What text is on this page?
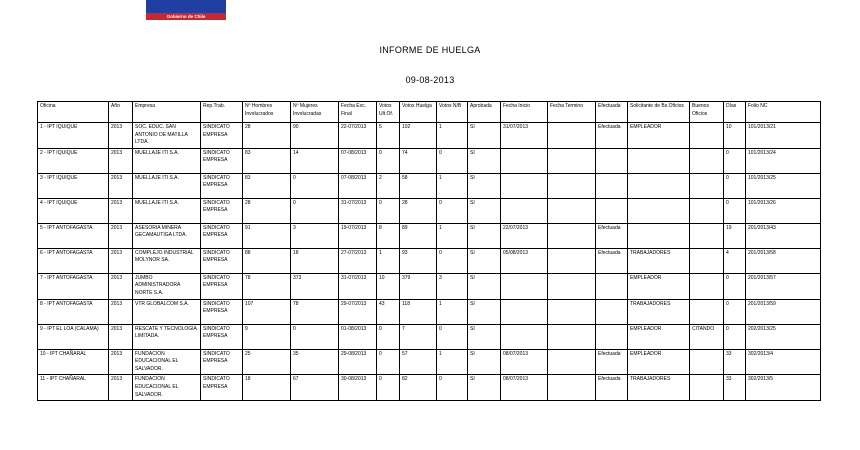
Gobierno de Chile
INFORME DE HUELGA
09-08-2013
Oficina	Año	Empresa	Rep.Trab.	Nº Hombres Involucrados	Nº Mujeres Involucradas	Fecha Exc. Final	Votos Ult.Of.	Votos Huelga	Votos N/B	Aprobada	Fecha Inicio	Fecha Termino	Efectuada	Solicitante de Bs.Oficios	Buenos Oficios	Días	Folio NC
1 - IPT IQUIQUE	2013	SOC. EDUC. SAN ANTONIO DE MATILLA LTDA.	SINDICATO EMPRESA	28	90	22-07/2013	5	102	1	SI	31/07/2013		Efectuada	EMPLEADOR		10	101/2013/21
2 - IPT IQUIQUE	2013	MUELLAJE ITI S.A.	SINDICATO EMPRESA	83	14	07-08/2013	0	74	0	SI						0	101/2013/24
3 - IPT IQUIQUE	2013	MUELLAJE ITI S.A.	SINDICATO EMPRESA	83	0	07-08/2013	2	58	1	SI						0	101/2013/25
4 - IPT IQUIQUE	2013	MUELLAJE ITI S.A.	SINDICATO EMPRESA	28	0	31-07/2013	0	28	0	SI						0	101/2013/26
5 - IPT ANTOFAGASTA	2013	ASESORIA MINERA GECAMAUTIGA LTDA.	SINDICATO EMPRESA	91	3	19-07/2013	8	89	1	SI	22/07/2013		Efectuada			19	201/2013/43
6 - IPT ANTOFAGASTA	2013	COMPLEJO INDUSTRIAL MOLYNOR SA.	SINDICATO EMPRESA	88	18	27-07/2013	1	93	0	SI	05/08/2013		Efectuada	TRABAJADORES		4	201/2013/58
7 - IPT ANTOFAGASTA	2013	JUMBO ADMINISTRADORA NORTE S.A.	SINDICATO EMPRESA	78	373	31-07/2013	10	379	3	SI				EMPLEADOR		0	201/2013/57
8 - IPT ANTOFAGASTA	2013	VTR GLOBALCOM S.A.	SINDICATO EMPRESA	107	78	29-07/2013	43	118	1	SI				TRABAJADORES		0	201/2013/59
9 - IPT EL LOA (CALAMA)	2013	RESCATE Y TECNOLOGIA LIMITADA.	SINDICATO EMPRESA	9	0	01-08/2013	0	7	0	SI				EMPLEADOR	CITANDO	0	202/2013/25
10 - IPT CHAÑARAL	2013	FUNDACION EDUCACIONAL EL SALVADOR.	SINDICATO EMPRESA	25	35	29-08/2013	0	57	1	SI	08/07/2013		Efectuada	EMPLEADOR		33	302/2013/4
11 - IPT CHAÑARAL	2013	FUNDACION EDUCACIONAL EL SALVADOR.	SINDICATO EMPRESA	18	67	30-08/2013	0	82	0	SI	08/07/2013		Efectuada	TRABAJADORES		33	302/2013/5
